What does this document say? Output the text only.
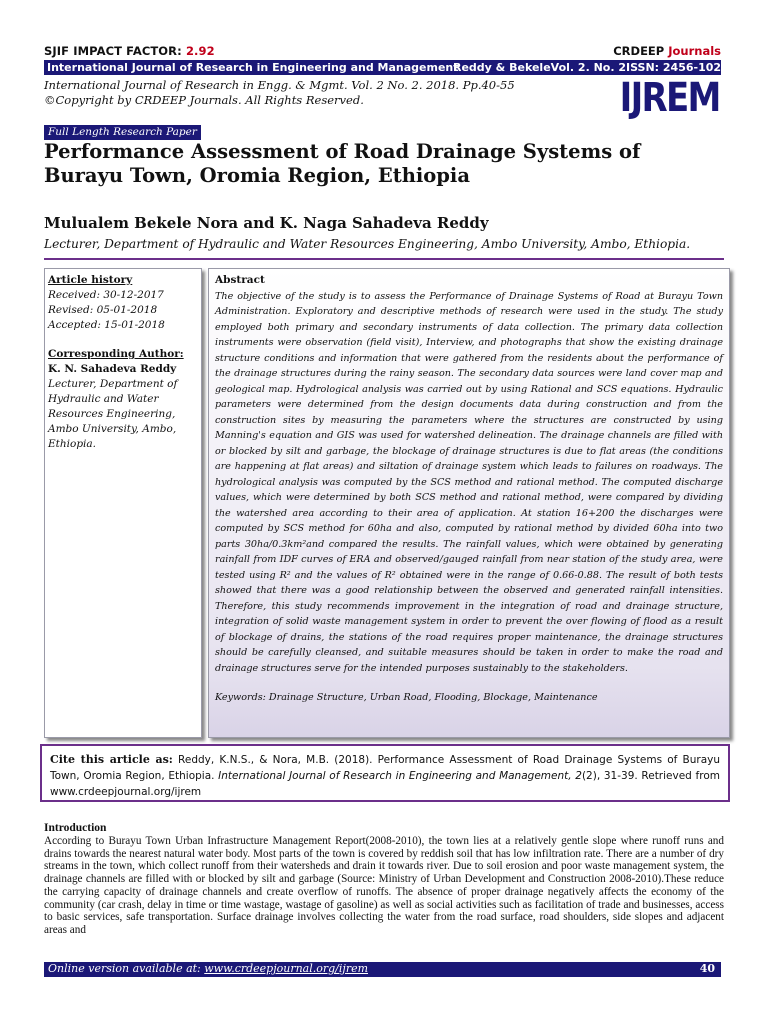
SJIF IMPACT FACTOR: 2.92	CRDEEP Journals
International Journal of Research in Engineering and Management
Reddy & Bekele Vol. 2. No. 2 ISSN: 2456-1029
International Journal of Research in Engg. & Mgmt. Vol. 2 No. 2. 2018. Pp.40-55
©Copyright by CRDEEP Journals. All Rights Reserved.	IJREM
Full Length Research Paper
Performance Assessment of Road Drainage Systems of Burayu Town, Oromia Region, Ethiopia
Mulualem Bekele Nora and K. Naga Sahadeva Reddy
Lecturer, Department of Hydraulic and Water Resources Engineering, Ambo University, Ambo, Ethiopia.
Article history
Received: 30-12-2017
Revised: 05-01-2018
Accepted: 15-01-2018
Corresponding Author:
K. N. Sahadeva Reddy
Lecturer, Department of Hydraulic and Water Resources Engineering, Ambo University, Ambo, Ethiopia.
Abstract
The objective of the study is to assess the Performance of Drainage Systems of Road at Burayu Town Administration. Exploratory and descriptive methods of research were used in the study. The study employed both primary and secondary instruments of data collection. The primary data collection instruments were observation (field visit), Interview, and photographs that show the existing drainage structure conditions and information that were gathered from the residents about the performance of the drainage structures during the rainy season. The secondary data sources were land cover map and geological map. Hydrological analysis was carried out by using Rational and SCS equations. Hydraulic parameters were determined from the design documents data during construction and from the construction sites by measuring the parameters where the structures are constructed by using Manning's equation and GIS was used for watershed delineation. The drainage channels are filled with or blocked by silt and garbage, the blockage of drainage structures is due to flat areas (the conditions are happening at flat areas) and siltation of drainage system which leads to failures on roadways. The hydrological analysis was computed by the SCS method and rational method. The computed discharge values, which were determined by both SCS method and rational method, were compared by dividing the watershed area according to their area of application. At station 16+200 the discharges were computed by SCS method for 60ha and also, computed by rational method by divided 60ha into two parts 30ha/0.3km²and compared the results. The rainfall values, which were obtained by generating rainfall from IDF curves of ERA and observed/gauged rainfall from near station of the study area, were tested using R² and the values of R² obtained were in the range of 0.66-0.88. The result of both tests showed that there was a good relationship between the observed and generated rainfall intensities. Therefore, this study recommends improvement in the integration of road and drainage structure, integration of solid waste management system in order to prevent the over flowing of flood as a result of blockage of drains, the stations of the road requires proper maintenance, the drainage structures should be carefully cleansed, and suitable measures should be taken in order to make the road and drainage structures serve for the intended purposes sustainably to the stakeholders.
Keywords: Drainage Structure, Urban Road, Flooding, Blockage, Maintenance
Cite this article as: Reddy, K.N.S., & Nora, M.B. (2018). Performance Assessment of Road Drainage Systems of Burayu Town, Oromia Region, Ethiopia. International Journal of Research in Engineering and Management, 2(2), 31-39. Retrieved from www.crdeepjournal.org/ijrem
Introduction
According to Burayu Town Urban Infrastructure Management Report(2008-2010), the town lies at a relatively gentle slope where runoff runs and drains towards the nearest natural water body. Most parts of the town is covered by reddish soil that has low infiltration rate. There are a number of dry streams in the town, which collect runoff from their watersheds and drain it towards river. Due to soil erosion and poor waste management system, the drainage channels are filled with or blocked by silt and garbage (Source: Ministry of Urban Development and Construction 2008-2010).These reduce the carrying capacity of drainage channels and create overflow of runoffs. The absence of proper drainage negatively affects the economy of the community (car crash, delay in time or time wastage, wastage of gasoline) as well as social activities such as facilitation of trade and businesses, access to basic services, safe transportation. Surface drainage involves collecting the water from the road surface, road shoulders, side slopes and adjacent areas and
Online version available at: www.crdeepjournal.org/ijrem	40
